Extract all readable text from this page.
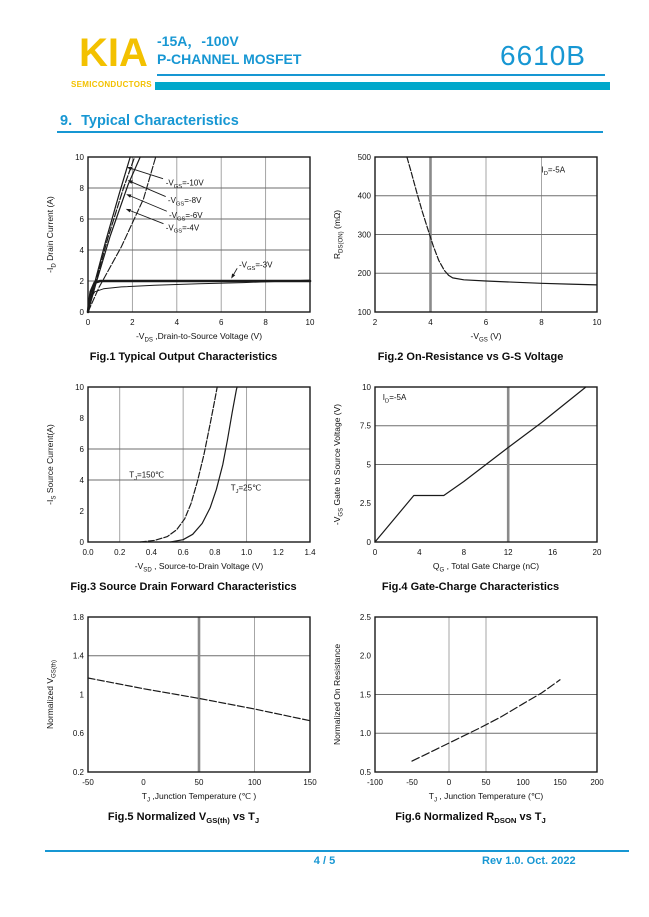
KIA
SEMICONDUCTORS
-15A，-100V
P-CHANNEL MOSFET	6610B
9. Typical Characteristics
0	2	4	6	8	10
0
2
4
6
8
10
$-V_{DS}$ ,Drain-to-Source Voltage (V)
$-I_D$ Drain Current (A)
$-V_{GS}=-10V$
$-V_{GS}=-8V$
$-V_{GS}=-6V$
$-V_{GS}=-4V$
$-V_{GS}=-3V$
Fig.1 Typical Output Characteristics
2	4	6	8	10
100
200
300
400
500
$-V_{GS}$ (V)
$R_{DS(ON)}$ (mΩ)
$I_D=-5A$
Fig.2 On-Resistance vs G-S Voltage
0.0	0.2	0.4	0.6	0.8	1.0	1.2	1.4
0
2
4
6
8
10
$-V_{SD}$ , Source-to-Drain Voltage (V)
$-I_S$ Source Current(A)	$T_J=150℃$
$T_J=25℃$
Fig.3 Source Drain Forward Characteristics
0	4	8	12	16	20
0
2.5
5
7.5
10
$Q_G$ , Total Gate Charge (nC)
$-V_{GS}$ Gate to Source Voltage (V)
$I_D=-5A$
Fig.4 Gate-Charge Characteristics
-50	0	50	100	150
0.2
0.6
1
1.4
1.8
$T_J$ ,Junction Temperature (℃ )
Normalized $V_{GS(th)}$
Fig.5 Normalized $V_{GS(th)}$ vs $T_J$
-100	-50	0	50	100	150	200
0.5
1.0
1.5
2.0
2.5
$T_J$ , Junction Temperature (℃)
Normalized On Resistance
Fig.6 Normalized $R_{DSON}$ vs $T_J$
4 / 5	Rev 1.0. Oct. 2022
